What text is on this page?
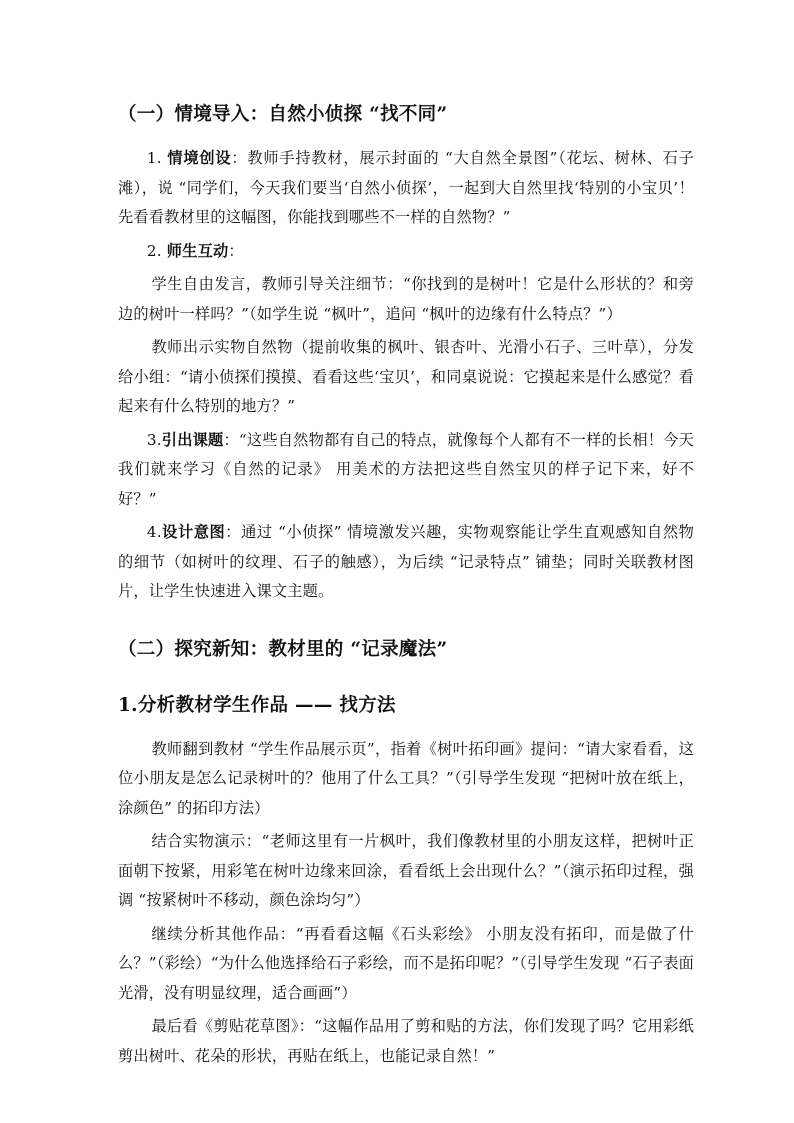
（一）情境导入：自然小侦探 “找不同”

1. 情境创设：教师手持教材，展示封面的 “大自然全景图”（花坛、树林、石子滩），说 “同学们，今天我们要当‘自然小侦探’，一起到大自然里找‘特别的小宝贝’！先看看教材里的这幅图，你能找到哪些不一样的自然物？”

2. 师生互动：

学生自由发言，教师引导关注细节：“你找到的是树叶！它是什么形状的？和旁边的树叶一样吗？”（如学生说 “枫叶”，追问 “枫叶的边缘有什么特点？”）

教师出示实物自然物（提前收集的枫叶、银杏叶、光滑小石子、三叶草），分发给小组：“请小侦探们摸摸、看看这些‘宝贝’，和同桌说说：它摸起来是什么感觉？看起来有什么特别的地方？”

3.引出课题：“这些自然物都有自己的特点，就像每个人都有不一样的长相！今天我们就来学习《自然的记录》 用美术的方法把这些自然宝贝的样子记下来，好不好？”

4.设计意图：通过 “小侦探” 情境激发兴趣，实物观察能让学生直观感知自然物的细节（如树叶的纹理、石子的触感），为后续 “记录特点” 铺垫；同时关联教材图片，让学生快速进入课文主题。

（二）探究新知：教材里的 “记录魔法”
1.分析教材学生作品 —— 找方法

教师翻到教材 “学生作品展示页”，指着《树叶拓印画》提问：“请大家看看，这位小朋友是怎么记录树叶的？他用了什么工具？”（引导学生发现 “把树叶放在纸上，涂颜色” 的拓印方法）

结合实物演示：“老师这里有一片枫叶，我们像教材里的小朋友这样，把树叶正面朝下按紧，用彩笔在树叶边缘来回涂，看看纸上会出现什么？”（演示拓印过程，强调 “按紧树叶不移动，颜色涂均匀”）

继续分析其他作品：“再看看这幅《石头彩绘》 小朋友没有拓印，而是做了什么？”（彩绘）“为什么他选择给石子彩绘，而不是拓印呢？”（引导学生发现 “石子表面光滑，没有明显纹理，适合画画”）

最后看《剪贴花草图》：“这幅作品用了剪和贴的方法，你们发现了吗？它用彩纸剪出树叶、花朵的形状，再贴在纸上，也能记录自然！”
